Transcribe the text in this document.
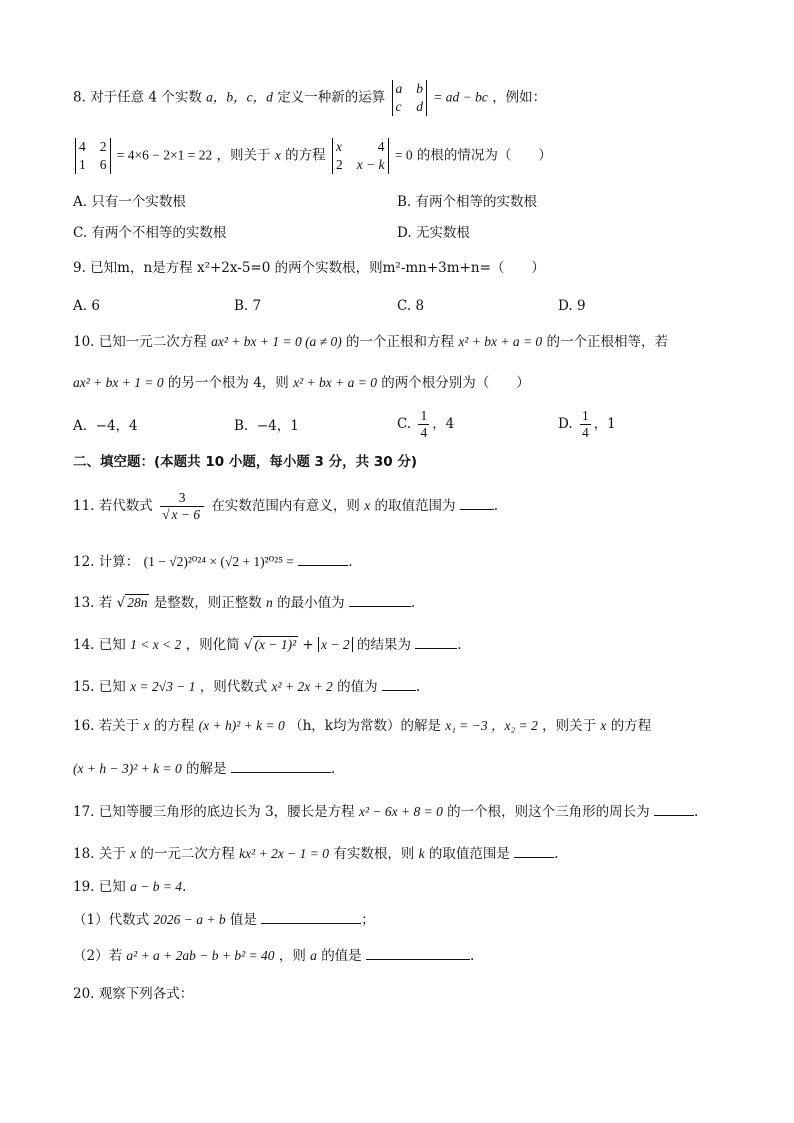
8. 对于任意 4 个实数 a，b，c，d 定义一种新的运算
a b
c d
= ad − bc ，例如：
4 2
1 6
= 4×6 − 2×1 = 22 ，则关于 x 的方程
x	4
2 x − k
= 0 的根的情况为（　　）
A. 只有一个实数根	B. 有两个相等的实数根
C. 有两个不相等的实数根	D. 无实数根
9. 已知m，n是方程 x²+2x-5=0 的两个实数根，则m²-mn+3m+n=（　　）
A. 6	B. 7	C. 8	D. 9
10. 已知一元二次方程 ax² + bx + 1 = 0 (a ≠ 0) 的一个正根和方程 x² + bx + a = 0 的一个正根相等，若
ax² + bx + 1 = 0 的另一个根为 4，则 x² + bx + a = 0 的两个根分别为（　　）
A. −4，4	B. −4，1	C. $\frac{1}{4}$ ，4	D. $\frac{1}{4}$ ，1
二、填空题：(本题共 10 小题，每小题 3 分，共 30 分)
11. 若代数式 $\frac{3}{√ x - 6}$ 在实数范围内有意义，则 x 的取值范围为	.
12. 计算： (1 − √2)²⁰²⁴ × (√2 + 1)²⁰²⁵ =	.
13. 若 √ 28n 是整数，则正整数 n 的最小值为	.
14. 已知 1 < x < 2 ，则化简 √ (x − 1)² + x − 2 的结果为	.
15. 已知 x = 2√3 − 1 ，则代数式 x² + 2x + 2 的值为	.
16. 若关于 x 的方程 (x + h)² + k = 0 （h，k均为常数）的解是 x₁ = −3 ，x₂ = 2 ，则关于 x 的方程
(x + h − 3)² + k = 0 的解是	.
17. 已知等腰三角形的底边长为 3，腰长是方程 x² − 6x + 8 = 0 的一个根，则这个三角形的周长为	.
18. 关于 x 的一元二次方程 kx² + 2x − 1 = 0 有实数根，则 k 的取值范围是	.
19. 已知 a − b = 4.
（1）代数式 2026 − a + b 值是	；
（2）若 a² + a + 2ab − b + b² = 40 ，则 a 的值是	.
20. 观察下列各式：
